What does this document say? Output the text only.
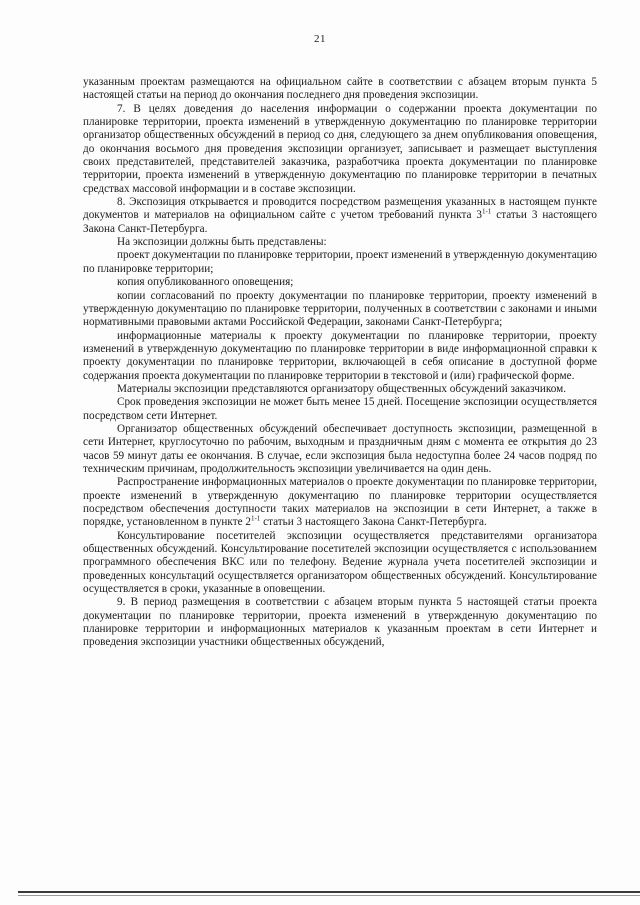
21

указанным проектам размещаются на официальном сайте в соответствии с абзацем вторым пункта 5 настоящей статьи на период до окончания последнего дня проведения экспозиции.

7. В целях доведения до населения информации о содержании проекта документации по планировке территории, проекта изменений в утвержденную документацию по планировке территории организатор общественных обсуждений в период со дня, следующего за днем опубликования оповещения, до окончания восьмого дня проведения экспозиции организует, записывает и размещает выступления своих представителей, представителей заказчика, разработчика проекта документации по планировке территории, проекта изменений в утвержденную документацию по планировке территории в печатных средствах массовой информации и в составе экспозиции.

8. Экспозиция открывается и проводится посредством размещения указанных в настоящем пункте документов и материалов на официальном сайте с учетом требований пункта 3$^{1-1}$ статьи 3 настоящего Закона Санкт-Петербурга.

На экспозиции должны быть представлены:

проект документации по планировке территории, проект изменений в утвержденную документацию по планировке территории;

копия опубликованного оповещения;

копии согласований по проекту документации по планировке территории, проекту изменений в утвержденную документацию по планировке территории, полученных в соответствии с законами и иными нормативными правовыми актами Российской Федерации, законами Санкт-Петербурга;

информационные материалы к проекту документации по планировке территории, проекту изменений в утвержденную документацию по планировке территории в виде информационной справки к проекту документации по планировке территории, включающей в себя описание в доступной форме содержания проекта документации по планировке территории в текстовой и (или) графической форме.

Материалы экспозиции представляются организатору общественных обсуждений заказчиком.

Срок проведения экспозиции не может быть менее 15 дней. Посещение экспозиции осуществляется посредством сети Интернет.

Организатор общественных обсуждений обеспечивает доступность экспозиции, размещенной в сети Интернет, круглосуточно по рабочим, выходным и праздничным дням с момента ее открытия до 23 часов 59 минут даты ее окончания. В случае, если экспозиция была недоступна более 24 часов подряд по техническим причинам, продолжительность экспозиции увеличивается на один день.

Распространение информационных материалов о проекте документации по планировке территории, проекте изменений в утвержденную документацию по планировке территории осуществляется посредством обеспечения доступности таких материалов на экспозиции в сети Интернет, а также в порядке, установленном в пункте 2$^{1-1}$ статьи 3 настоящего Закона Санкт-Петербурга.

Консультирование посетителей экспозиции осуществляется представителями организатора общественных обсуждений. Консультирование посетителей экспозиции осуществляется с использованием программного обеспечения ВКС или по телефону. Ведение журнала учета посетителей экспозиции и проведенных консультаций осуществляется организатором общественных обсуждений. Консультирование осуществляется в сроки, указанные в оповещении.

9. В период размещения в соответствии с абзацем вторым пункта 5 настоящей статьи проекта документации по планировке территории, проекта изменений в утвержденную документацию по планировке территории и информационных материалов к указанным проектам в сети Интернет и проведения экспозиции участники общественных обсуждений,
